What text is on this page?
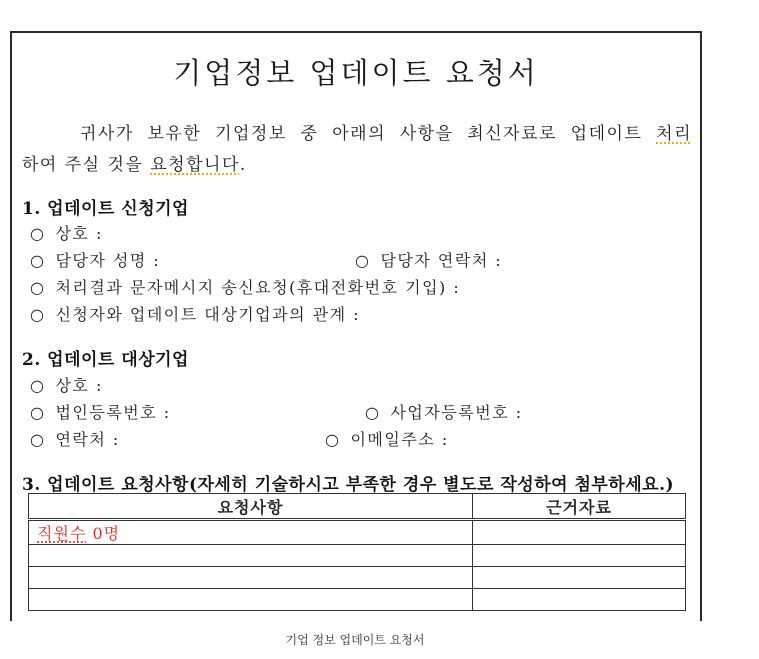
기업정보 업데이트 요청서
귀사가 보유한 기업정보 중 아래의 사항을 최신자료로 업데이트 처리
하여 주실 것을 요청합니다.
1. 업데이트 신청기업
○ 상호 :
○ 담당자 성명 :	○ 담당자 연락처 :
○ 처리결과 문자메시지 송신요청(휴대전화번호 기입) :
○ 신청자와 업데이트 대상기업과의 관계 :
2. 업데이트 대상기업
○ 상호 :
○ 법인등록번호 :	○ 사업자등록번호 :
○ 연락처 :	○ 이메일주소 :
3. 업데이트 요청사항(자세히 기술하시고 부족한 경우 별도로 작성하여 첨부하세요.)
요청사항	근거자료
직원수 0명	

기업 정보 업데이트 요청서
